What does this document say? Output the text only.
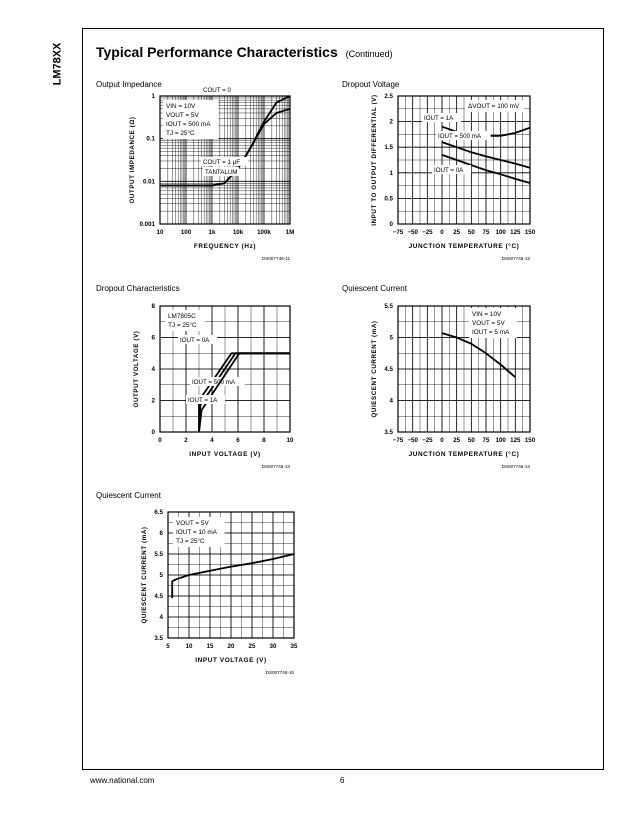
LM78XX Typical Performance Characteristics (Continued)
Output Impedance
10	100	1k	10k 100k 1M
1
0.1
0.01
0.001
FREQUENCY (Hz)
OUTPUT IMPEDANCE (Ω)
COUT = 0
COUT = 1 μF
TANTALUM
VIN = 10V
VOUT = 5V
IOUT = 500 mA
TJ = 25°C
DS007746-11
Dropout Voltage
−75 −50 −25 0 25 50 75 100 125 150
0
0.5
1
1.5
2
2.5
JUNCTION TEMPERATURE (°C)
INPUT TO OUTPUT DIFFERENTIAL (V)	IOUT = 1A
IOUT = 500 mA
IOUT = 0A
ΔVOUT = 100 mV
DS007746-12
Dropout Characteristics
0	2	4	6	8	10
0
2
4
6
8
INPUT VOLTAGE (V)
OUTPUT VOLTAGE (V)	IOUT = 0A
IOUT = 500 mA
IOUT = 1A
LM7805C
TJ = 25°C
DS007746-13
Quiescent Current
−75 −50 −25 0 25 50 75 100 125 150
3.5
4
4.5
5
5.5
JUNCTION TEMPERATURE (°C)
QUIESCENT CURRENT (mA)
VIN = 10V
VOUT = 5V
IOUT = 5 mA
DS007746-14
Quiescent Current
5	10 15 20 25 30 35
3.5
4
4.5
5
5.5
6
6.5
INPUT VOLTAGE (V)
QUIESCENT CURRENT (mA)
VOUT = 5V
IOUT = 10 mA
TJ = 25°C
DS007746-15
www.national.com	6
